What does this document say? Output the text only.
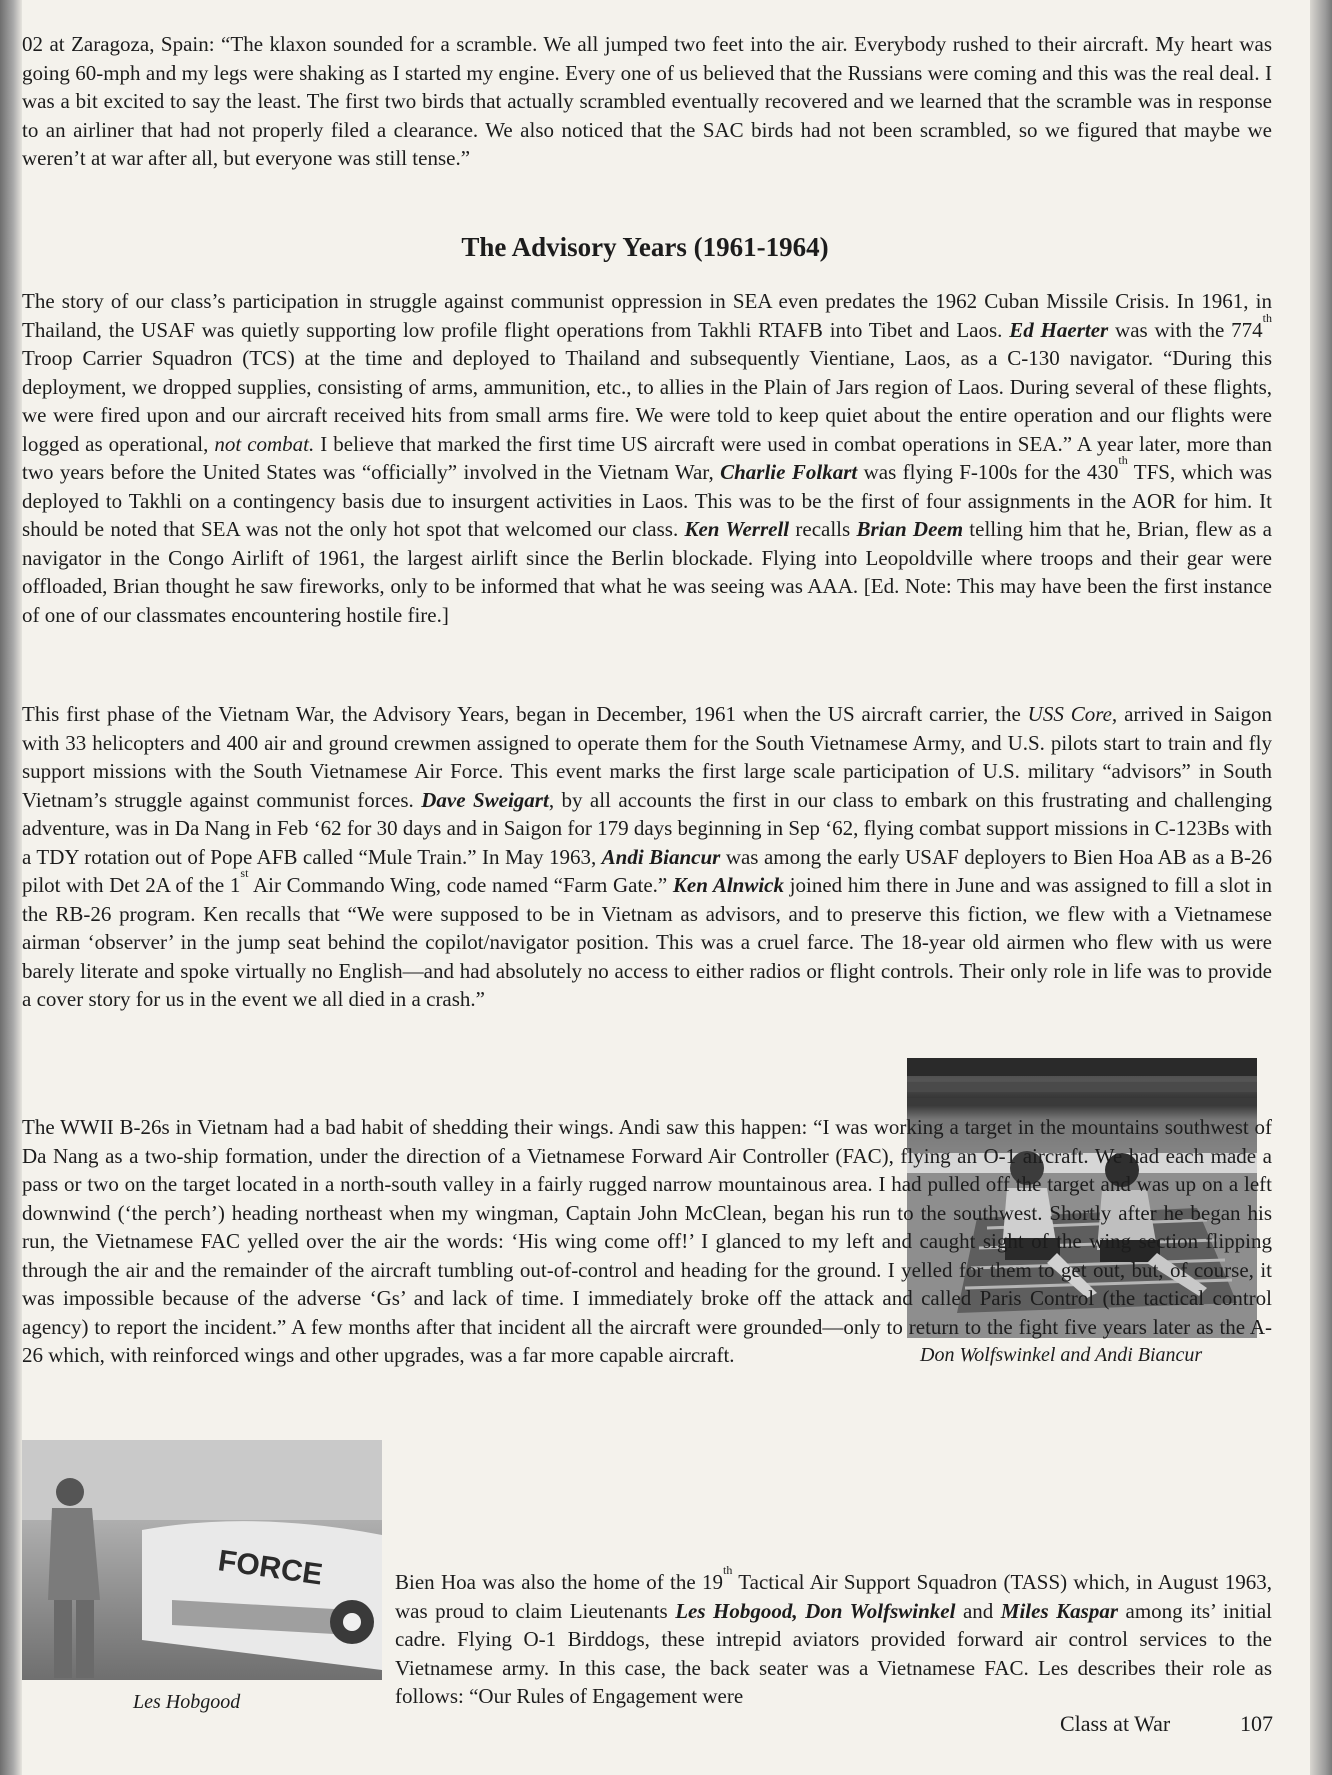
02 at Zaragoza, Spain: “The klaxon sounded for a scramble. We all jumped two feet into the air. Everybody rushed to their aircraft. My heart was going 60-mph and my legs were shaking as I started my engine. Every one of us believed that the Russians were coming and this was the real deal. I was a bit excited to say the least. The first two birds that actually scrambled eventually recovered and we learned that the scramble was in response to an airliner that had not properly filed a clearance. We also noticed that the SAC birds had not been scrambled, so we figured that maybe we weren’t at war after all, but everyone was still tense.”

The Advisory Years (1961-1964)

The story of our class’s participation in struggle against communist oppression in SEA even predates the 1962 Cuban Missile Crisis. In 1961, in Thailand, the USAF was quietly supporting low profile flight operations from Takhli RTAFB into Tibet and Laos. Ed Haerter was with the 774th Troop Carrier Squadron (TCS) at the time and deployed to Thailand and subsequently Vientiane, Laos, as a C-130 navigator. “During this deployment, we dropped supplies, consisting of arms, ammunition, etc., to allies in the Plain of Jars region of Laos. During several of these flights, we were fired upon and our aircraft received hits from small arms fire. We were told to keep quiet about the entire operation and our flights were logged as operational, not combat. I believe that marked the first time US aircraft were used in combat operations in SEA.” A year later, more than two years before the United States was “officially” involved in the Vietnam War, Charlie Folkart was flying F-100s for the 430th TFS, which was deployed to Takhli on a contingency basis due to insurgent activities in Laos. This was to be the first of four assignments in the AOR for him. It should be noted that SEA was not the only hot spot that welcomed our class. Ken Werrell recalls Brian Deem telling him that he, Brian, flew as a navigator in the Congo Airlift of 1961, the largest airlift since the Berlin blockade. Flying into Leopoldville where troops and their gear were offloaded, Brian thought he saw fireworks, only to be informed that what he was seeing was AAA. [Ed. Note: This may have been the first instance of one of our classmates encountering hostile fire.]

This first phase of the Vietnam War, the Advisory Years, began in December, 1961 when the US aircraft carrier, the USS Core, arrived in Saigon with 33 helicopters and 400 air and ground crewmen assigned to operate them for the South Vietnamese Army, and U.S. pilots start to train and fly support missions with the South Vietnamese Air Force. This event marks the first large scale participation of U.S. military “advisors” in South Vietnam’s struggle against communist forces. Dave Sweigart, by all accounts the first in our class to embark on this frustrating and challenging adventure, was in Da Nang in Feb ‘62 for 30 days and in Saigon for 179 days beginning in Sep ‘62, flying combat support missions in C-123Bs with a TDY rotation out of Pope AFB called “Mule Train.” In May 1963, Andi Biancur was among the early USAF deployers to Bien Hoa AB as a B-26 pilot with Det 2A of the 1st Air Commando Wing, code named “Farm Gate.” Ken Alnwick joined him there in June and was assigned to fill a slot in the RB-26 program. Ken recalls that “We were supposed to be in Vietnam as advisors, and to preserve this fiction, we flew with a Vietnamese airman ‘observer’ in the jump seat behind the copilot/navigator position. This was a cruel farce. The 18-year old airmen who flew with us were barely literate and spoke virtually no English—and had absolutely no access to either radios or flight controls. Their only role in life was to provide a cover story for us in the event we all died in a crash.”

Don Wolfswinkel and Andi Biancur

The WWII B-26s in Vietnam had a bad habit of shedding their wings. Andi saw this happen: “I was working a target in the mountains southwest of Da Nang as a two-ship formation, under the direction of a Vietnamese Forward Air Controller (FAC), flying an O-1 aircraft. We had each made a pass or two on the target located in a north-south valley in a fairly rugged narrow mountainous area. I had pulled off the target and was up on a left downwind (‘the perch’) heading northeast when my wingman, Captain John McClean, began his run to the southwest. Shortly after he began his run, the Vietnamese FAC yelled over the air the words: ‘His wing come off!’ I glanced to my left and caught sight of the wing section flipping through the air and the remainder of the aircraft tumbling out-of-control and heading for the ground. I yelled for them to get out, but, of course, it was impossible because of the adverse ‘Gs’ and lack of time. I immediately broke off the attack and called Paris Control (the tactical control agency) to report the incident.” A few months after that incident all the aircraft were grounded—only to return to the fight five years later as the A-26 which, with reinforced wings and other upgrades, was a far more capable aircraft.

FORCE
Les Hobgood

Bien Hoa was also the home of the 19th Tactical Air Support Squadron (TASS) which, in August 1963, was proud to claim Lieutenants Les Hobgood, Don Wolfswinkel and Miles Kaspar among its’ initial cadre. Flying O-1 Birddogs, these intrepid aviators provided forward air control services to the Vietnamese army. In this case, the back seater was a Vietnamese FAC. Les describes their role as follows: “Our Rules of Engagement were

Class at War	107
